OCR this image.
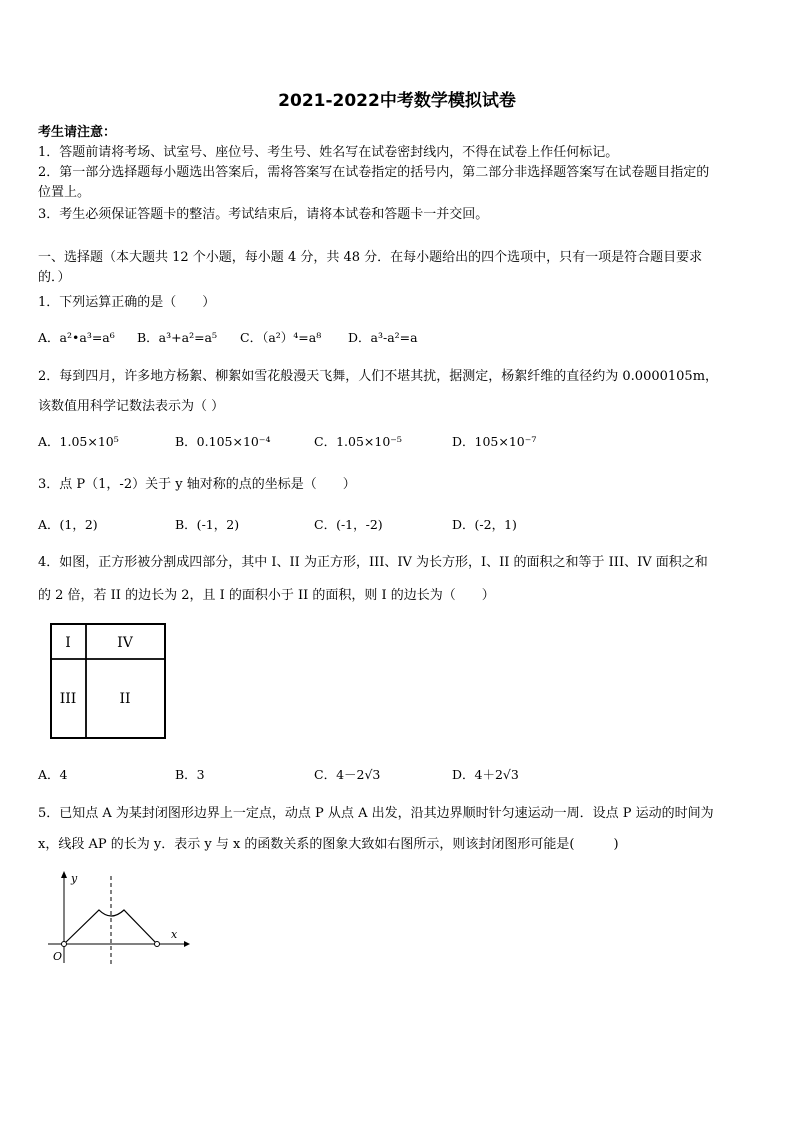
2021-2022中考数学模拟试卷
考生请注意：
1．答题前请将考场、试室号、座位号、考生号、姓名写在试卷密封线内，不得在试卷上作任何标记。
2．第一部分选择题每小题选出答案后，需将答案写在试卷指定的括号内，第二部分非选择题答案写在试卷题目指定的
位置上。
3．考生必须保证答题卡的整洁。考试结束后，请将本试卷和答题卡一并交回。
一、选择题（本大题共 12 个小题，每小题 4 分，共 48 分．在每小题给出的四个选项中，只有一项是符合题目要求
的．）
1．下列运算正确的是（　　）
A．a²•a³=a⁶ B．a³+a²=a⁵ C．（a²）⁴=a⁸ D．a³-a²=a
2．每到四月，许多地方杨絮、柳絮如雪花般漫天飞舞，人们不堪其扰，据测定，杨絮纤维的直径约为 0.0000105m，
该数值用科学记数法表示为（ ）
A．1.05×10⁵	B．0.105×10⁻⁴	C．1.05×10⁻⁵	D．105×10⁻⁷
3．点 P（1，-2）关于 y 轴对称的点的坐标是（　　）
A．(1，2)	B．(-1，2)	C．(-1，-2)	D．(-2，1)
4．如图，正方形被分割成四部分，其中 I、II 为正方形，III、IV 为长方形，I、II 的面积之和等于 III、IV 面积之和
的 2 倍，若 II 的边长为 2，且 I 的面积小于 II 的面积，则 I 的边长为（　　）
I	IV
III	II
A．4	B．3	C．4－2√3	D．4＋2√3
5．已知点 A 为某封闭图形边界上一定点，动点 P 从点 A 出发，沿其边界顺时针匀速运动一周．设点 P 运动的时间为
x，线段 AP 的长为 y．表示 y 与 x 的函数关系的图象大致如右图所示，则该封闭图形可能是(　　　)
y
x
O
